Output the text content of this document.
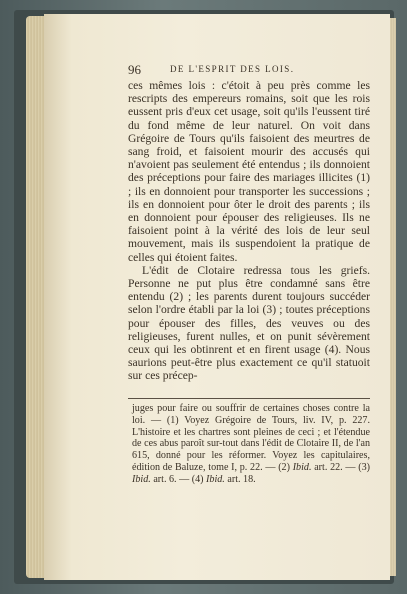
96	DE L'ESPRIT DES LOIS.

ces mêmes lois : c'étoit à peu près comme les rescripts des empereurs romains, soit que les rois eussent pris d'eux cet usage, soit qu'ils l'eussent tiré du fond même de leur naturel. On voit dans Grégoire de Tours qu'ils faisoient des meurtres de sang froid, et faisoient mourir des accusés qui n'avoient pas seulement été entendus ; ils donnoient des préceptions pour faire des mariages illicites (1) ; ils en donnoient pour transporter les successions ; ils en donnoient pour ôter le droit des parents ; ils en donnoient pour épouser des religieuses. Ils ne faisoient point à la vérité des lois de leur seul mouvement, mais ils suspendoient la pratique de celles qui étoient faites.

L'édit de Clotaire redressa tous les griefs. Personne ne put plus être condamné sans être entendu (2) ; les parents durent toujours succéder selon l'ordre établi par la loi (3) ; toutes préceptions pour épouser des filles, des veuves ou des religieuses, furent nulles, et on punit sévèrement ceux qui les obtinrent et en firent usage (4). Nous saurions peut-être plus exactement ce qu'il statuoit sur ces précep-

juges pour faire ou souffrir de certaines choses contre la loi. — (1) Voyez Grégoire de Tours, liv. IV, p. 227. L'histoire et les chartres sont pleines de ceci ; et l'étendue de ces abus paroît sur-tout dans l'édit de Clotaire II, de l'an 615, donné pour les réformer. Voyez les capitulaires, édition de Baluze, tome I, p. 22. — (2) Ibid. art. 22. — (3) Ibid. art. 6. — (4) Ibid. art. 18.
